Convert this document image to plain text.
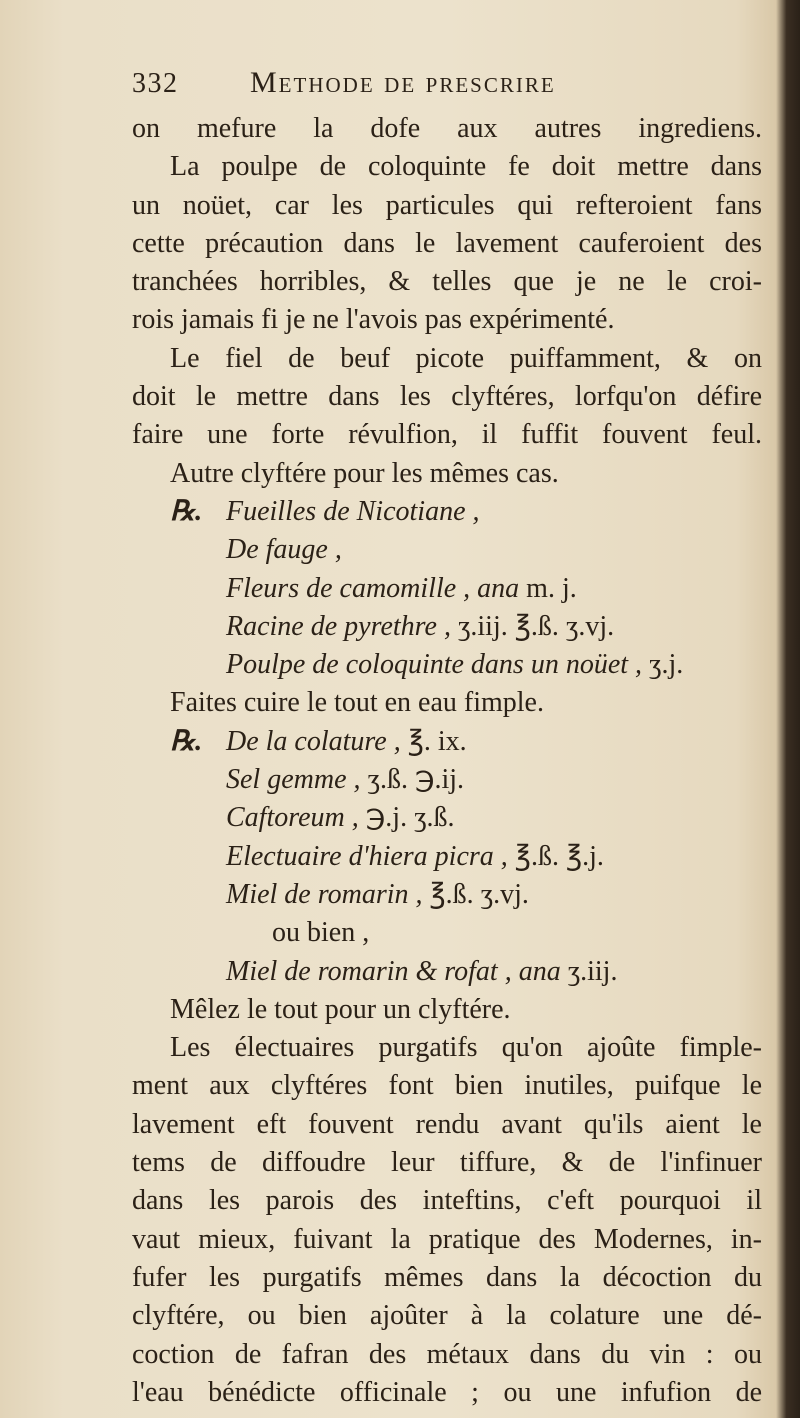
332	Methode de prescrire
on mefure la dofe aux autres ingrediens.
La poulpe de coloquinte fe doit mettre dans
un noüet, car les particules qui refteroient fans
cette précaution dans le lavement cauferoient des
tranchées horribles, & telles que je ne le croi-
rois jamais fi je ne l'avois pas expérimenté.
Le fiel de beuf picote puiffamment, & on
doit le mettre dans les clyftéres, lorfqu'on défire
faire une forte révulfion, il fuffit fouvent feul.
Autre clyftére pour les mêmes cas.
℞. Fueilles de Nicotiane ,
De fauge ,
Fleurs de camomille , ana m. j.
Racine de pyrethre , ʒ.iij. ℥.ß. ʒ.vj.
Poulpe de coloquinte dans un noüet , ʒ.j.
Faites cuire le tout en eau fimple.
℞. De la colature , ℥. ix.
Sel gemme , ʒ.ß. ℈.ij.
Caftoreum , ℈.j. ʒ.ß.
Electuaire d'hiera picra , ℥.ß. ℥.j.
Miel de romarin , ℥.ß. ʒ.vj.
ou bien ,
Miel de romarin & rofat , ana ʒ.iij.
Mêlez le tout pour un clyftére.
Les électuaires purgatifs qu'on ajoûte fimple-
ment aux clyftéres font bien inutiles, puifque le
lavement eft fouvent rendu avant qu'ils aient le
tems de diffoudre leur tiffure, & de l'infinuer
dans les parois des inteftins, c'eft pourquoi il
vaut mieux, fuivant la pratique des Modernes, in-
fufer les purgatifs mêmes dans la décoction du
clyftére, ou bien ajoûter à la colature une dé-
coction de fafran des métaux dans du vin : ou
l'eau bénédicte officinale ; ou une infufion de
